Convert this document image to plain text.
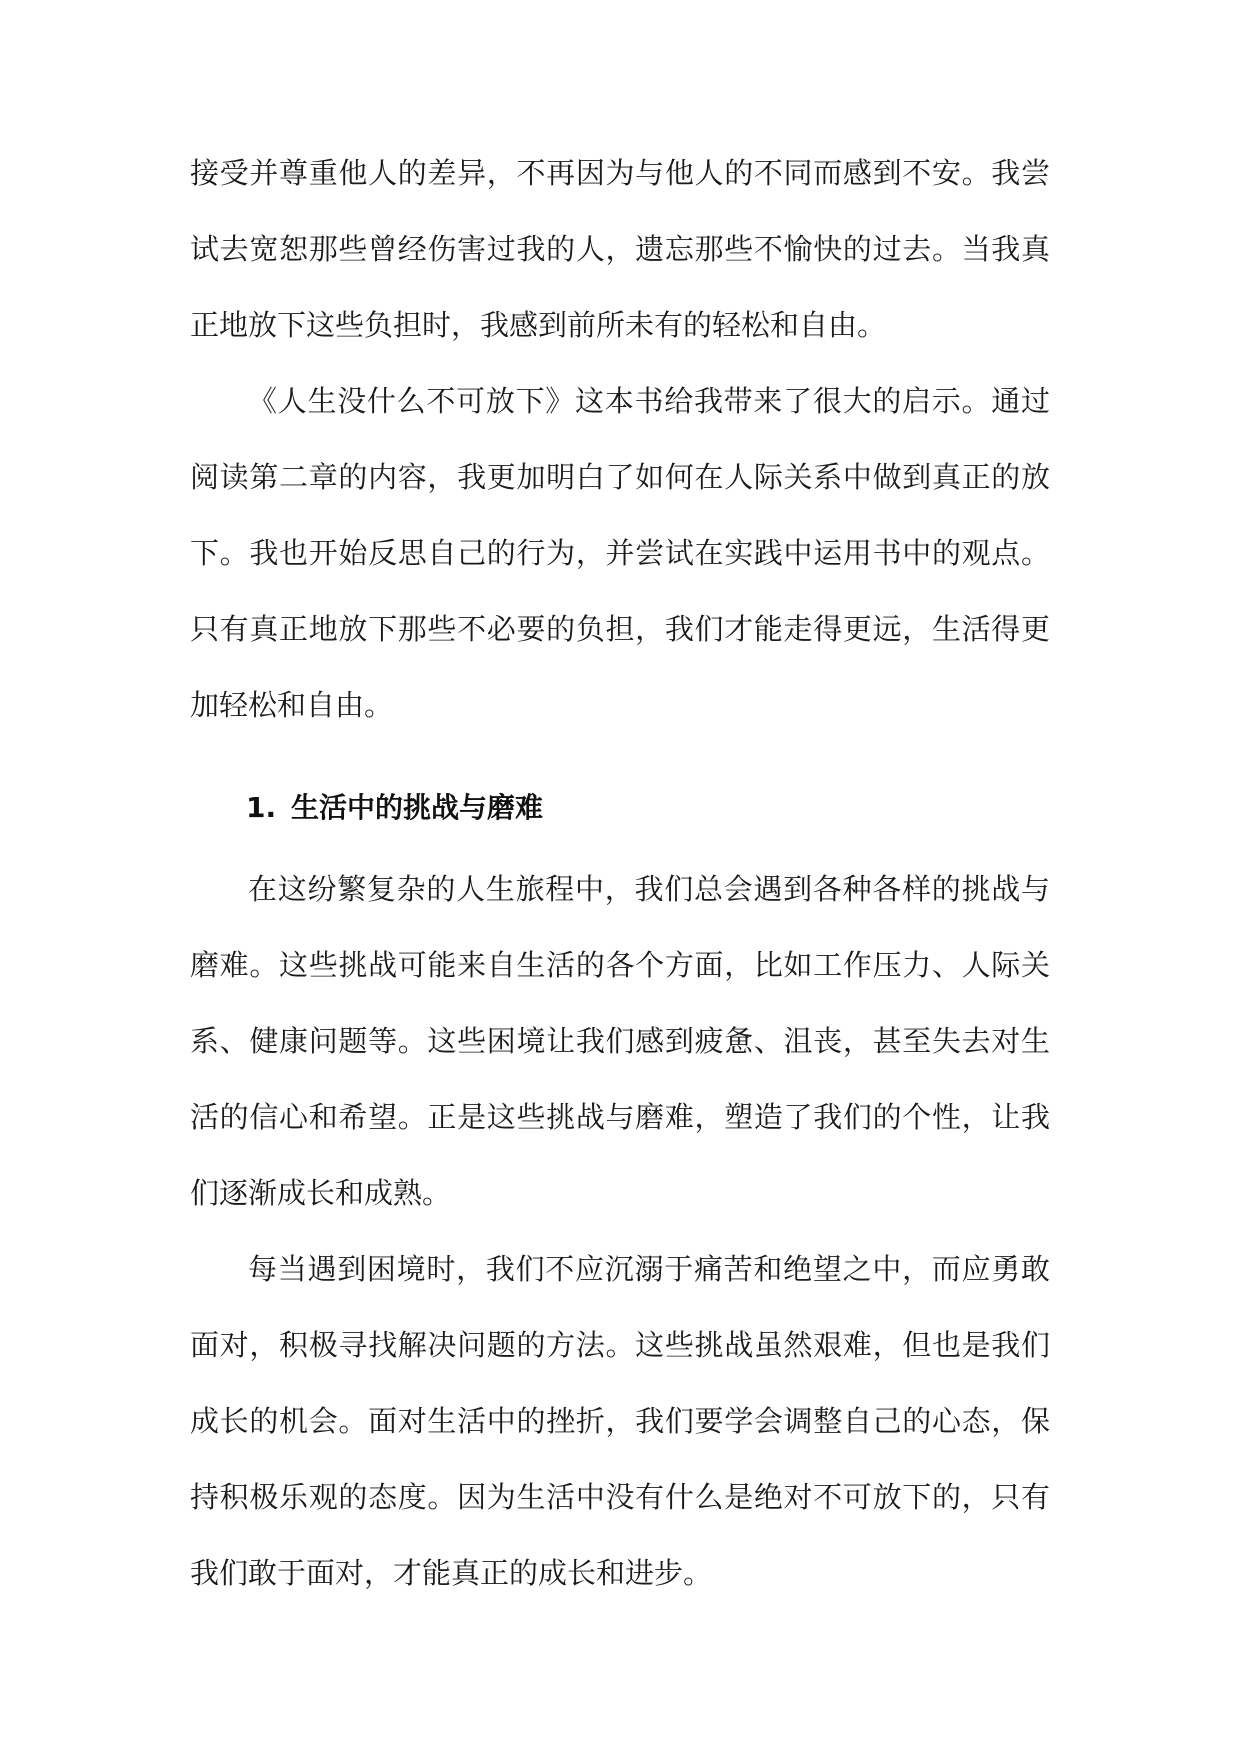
接受并尊重他人的差异，不再因为与他人的不同而感到不安。我尝试去宽恕那些曾经伤害过我的人，遗忘那些不愉快的过去。当我真正地放下这些负担时，我感到前所未有的轻松和自由。

《人生没什么不可放下》这本书给我带来了很大的启示。通过阅读第二章的内容，我更加明白了如何在人际关系中做到真正的放下。我也开始反思自己的行为，并尝试在实践中运用书中的观点。只有真正地放下那些不必要的负担，我们才能走得更远，生活得更加轻松和自由。

1. 生活中的挑战与磨难

在这纷繁复杂的人生旅程中，我们总会遇到各种各样的挑战与磨难。这些挑战可能来自生活的各个方面，比如工作压力、人际关系、健康问题等。这些困境让我们感到疲惫、沮丧，甚至失去对生活的信心和希望。正是这些挑战与磨难，塑造了我们的个性，让我们逐渐成长和成熟。

每当遇到困境时，我们不应沉溺于痛苦和绝望之中，而应勇敢面对，积极寻找解决问题的方法。这些挑战虽然艰难，但也是我们成长的机会。面对生活中的挫折，我们要学会调整自己的心态，保持积极乐观的态度。因为生活中没有什么是绝对不可放下的，只有我们敢于面对，才能真正的成长和进步。
